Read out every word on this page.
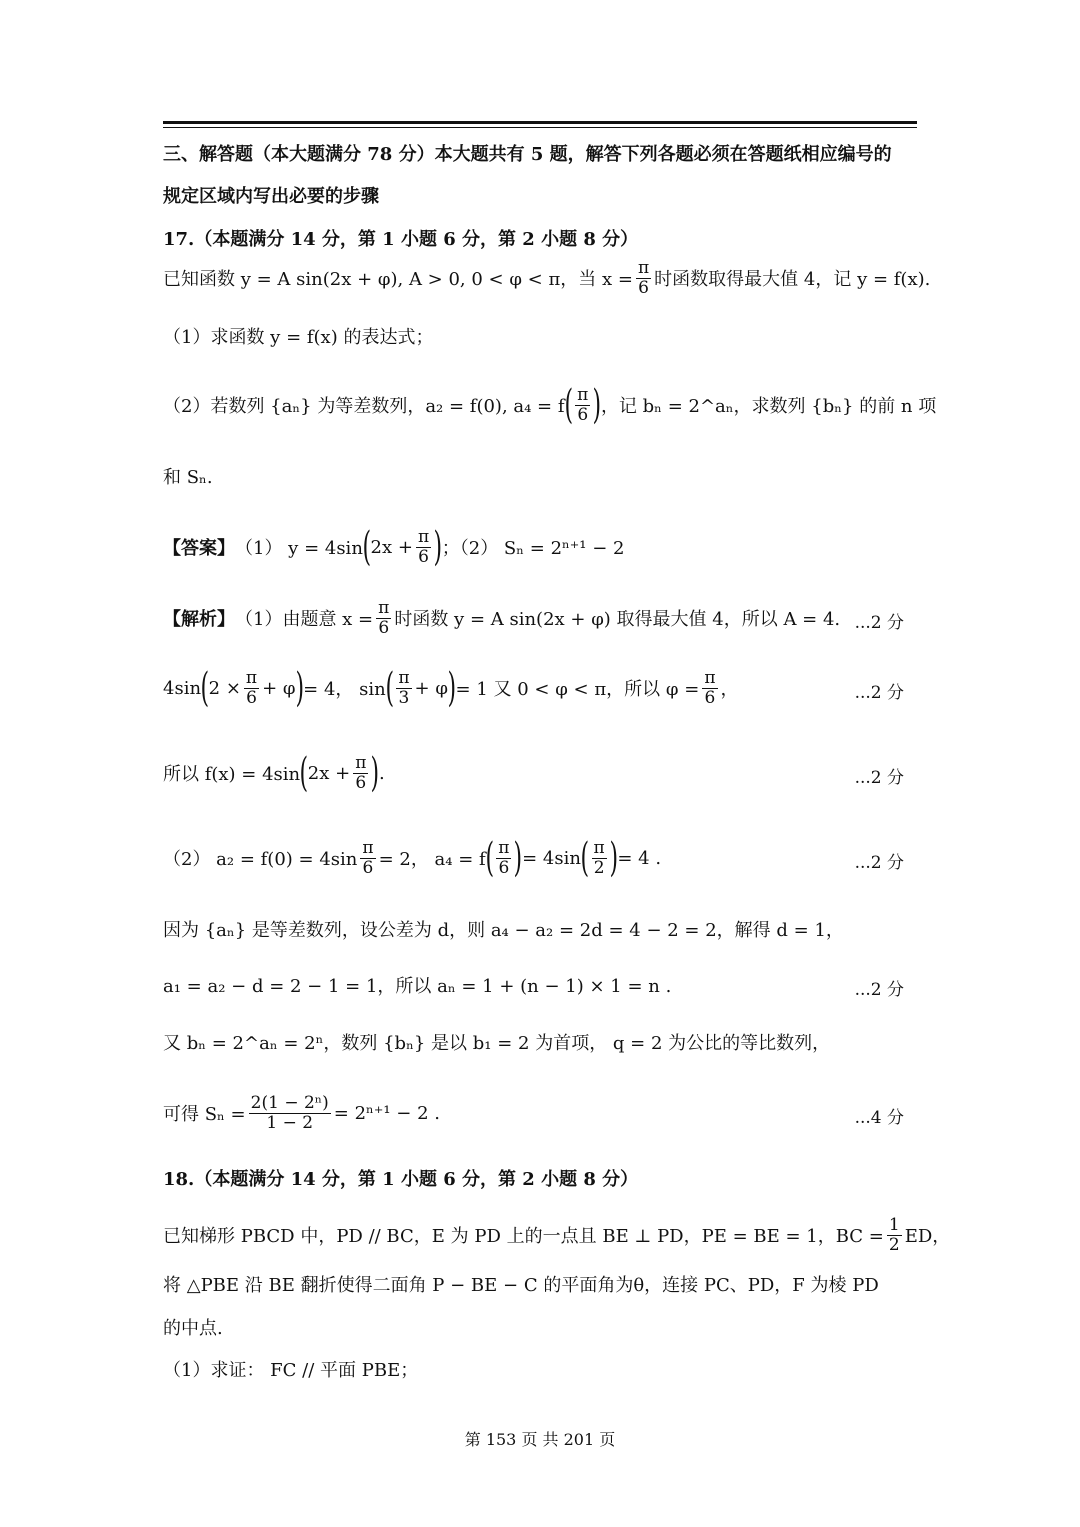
三、解答题（本大题满分 78 分）本大题共有 5 题，解答下列各题必须在答题纸相应编号的
规定区域内写出必要的步骤
17.（本题满分 14 分，第 1 小题 6 分，第 2 小题 8 分）
已知函数 y = A sin(2x + φ), A > 0, 0 < φ < π，当 $x = \frac{\pi}{6}$ 时函数取得最大值 4，记 y = f(x).
（1）求函数 y = f(x) 的表达式；
（2）若数列 {aₙ} 为等差数列，a₂ = f(0), a₄ = f ( $\frac{\pi}{6}$ ) ，记 bₙ = 2^aₙ，求数列 {bₙ} 的前 n 项
和 Sₙ.
【答案】 （1） y = 4sin ( $2x + \frac{\pi}{6}$ ) ；（2） Sₙ = 2ⁿ⁺¹ − 2
【解析】 （1）由题意 $x = \frac{\pi}{6}$ 时函数 y = A sin(2x + φ) 取得最大值 4，所以 A = 4. ...2 分
4sin ( $2 \times \frac{\pi}{6} + \varphi$ ) = 4， sin ( $\frac{\pi}{3} + \varphi$ ) = 1 又 0 < φ < π，所以 $\varphi = \frac{\pi}{6}$ ，	...2 分
所以 f(x) = 4sin ( $2x + \frac{\pi}{6}$ ) .	...2 分
（2） $a_2 = f(0) = 4\sin \frac{\pi}{6} = 2$， a₄ = f ( $\frac{\pi}{6}$ ) = 4sin ( $\frac{\pi}{2}$ ) = 4 .	...2 分
因为 {aₙ} 是等差数列，设公差为 d，则 a₄ − a₂ = 2d = 4 − 2 = 2，解得 d = 1，
a₁ = a₂ − d = 2 − 1 = 1，所以 aₙ = 1 + (n − 1) × 1 = n .	...2 分
又 bₙ = 2^aₙ = 2ⁿ，数列 {bₙ} 是以 b₁ = 2 为首项， q = 2 为公比的等比数列，
可得 $S_n = \frac{\text{2(1 − 2ⁿ)}}{1 - 2} = 2^{n+1} - 2$ .	...4 分
18.（本题满分 14 分，第 1 小题 6 分，第 2 小题 8 分）
已知梯形 PBCD 中，PD // BC，E 为 PD 上的一点且 BE ⊥ PD，PE = BE = 1，BC = $\frac{1}{2}$ ED，
将 △PBE 沿 BE 翻折使得二面角 P − BE − C 的平面角为θ，连接 PC、PD，F 为棱 PD
的中点.
（1）求证： FC // 平面 PBE；
第 153 页 共 201 页
